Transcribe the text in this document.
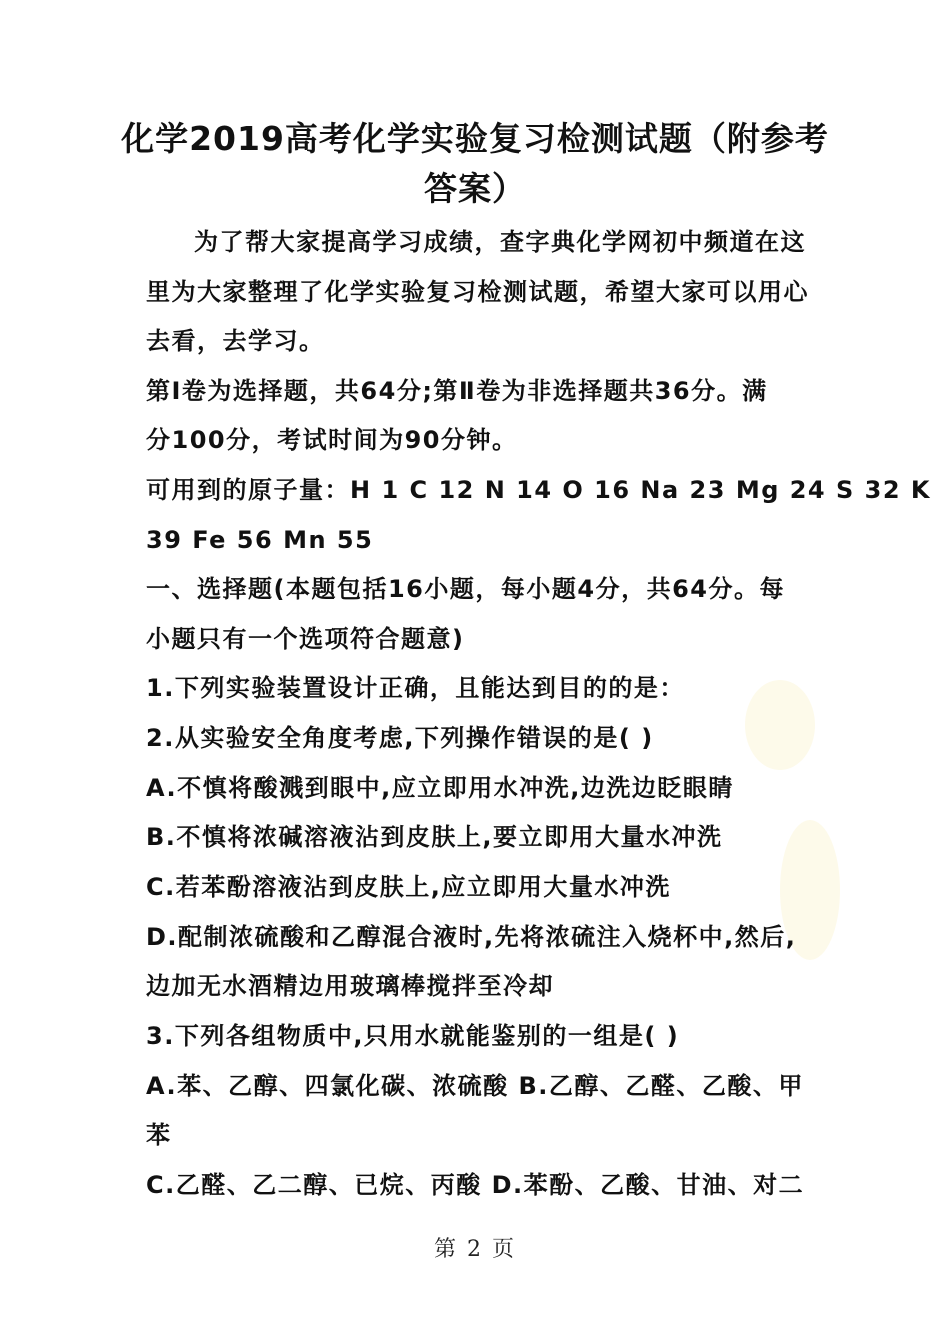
化学2019高考化学实验复习检测试题（附参考
答案）
为了帮大家提高学习成绩，查字典化学网初中频道在这
里为大家整理了化学实验复习检测试题，希望大家可以用心
去看，去学习。
第Ⅰ卷为选择题，共64分;第Ⅱ卷为非选择题共36分。满
分100分，考试时间为90分钟。
可用到的原子量：H 1 C 12 N 14 O 16 Na 23 Mg 24 S 32 K
39 Fe 56 Mn 55
一、选择题(本题包括16小题，每小题4分，共64分。每
小题只有一个选项符合题意)
1.下列实验装置设计正确，且能达到目的的是：
2.从实验安全角度考虑,下列操作错误的是( )
A.不慎将酸溅到眼中,应立即用水冲洗,边洗边眨眼睛
B.不慎将浓碱溶液沾到皮肤上,要立即用大量水冲洗
C.若苯酚溶液沾到皮肤上,应立即用大量水冲洗
D.配制浓硫酸和乙醇混合液时,先将浓硫注入烧杯中,然后,
边加无水酒精边用玻璃棒搅拌至冷却
3.下列各组物质中,只用水就能鉴别的一组是( )
A.苯、乙醇、四氯化碳、浓硫酸 B.乙醇、乙醛、乙酸、甲
苯
C.乙醛、乙二醇、已烷、丙酸 D.苯酚、乙酸、甘油、对二
第 2 页
